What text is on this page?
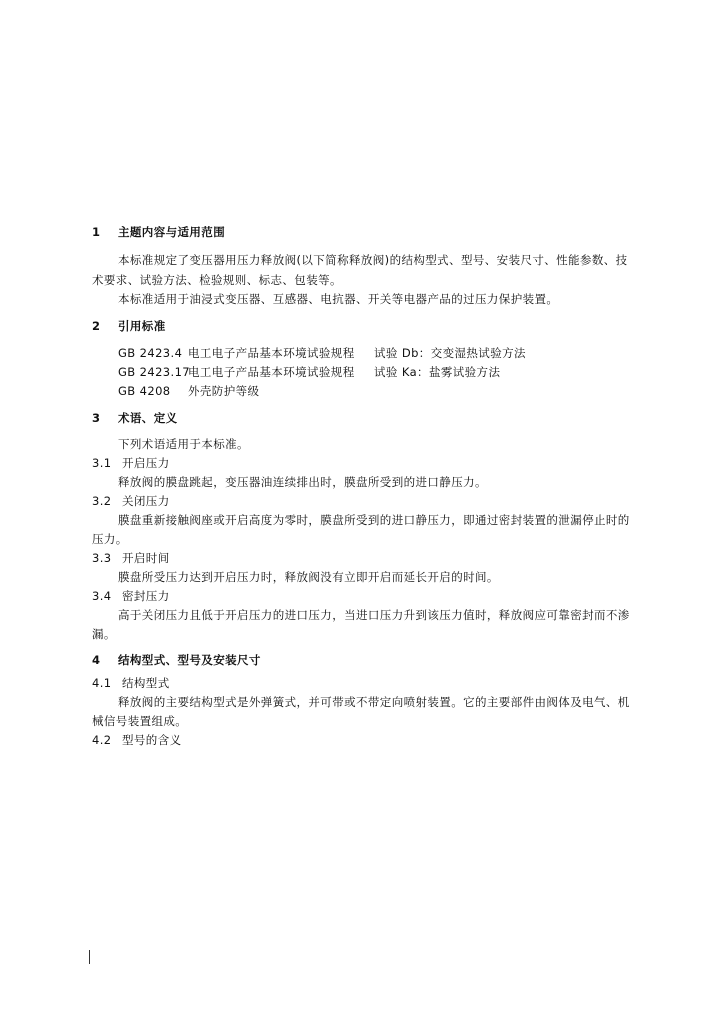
1 主题内容与适用范围
本标准规定了变压器用压力释放阀(以下简称释放阀)的结构型式、型号、安装尺寸、性能参数、技
术要求、试验方法、检验规则、标志、包装等。
本标准适用于油浸式变压器、互感器、电抗器、开关等电器产品的过压力保护装置。
2 引用标准
GB 2423.4 电工电子产品基本环境试验规程 试验 Db：交变湿热试验方法
GB 2423.17电工电子产品基本环境试验规程 试验 Ka：盐雾试验方法
GB 4208 外壳防护等级
3 术语、定义
下列术语适用于本标准。
3.1 开启压力
释放阀的膜盘跳起，变压器油连续排出时，膜盘所受到的进口静压力。
3.2 关闭压力
膜盘重新接触阀座或开启高度为零时，膜盘所受到的进口静压力，即通过密封装置的泄漏停止时的
压力。
3.3 开启时间
膜盘所受压力达到开启压力时，释放阀没有立即开启而延长开启的时间。
3.4 密封压力
高于关闭压力且低于开启压力的进口压力，当进口压力升到该压力值时，释放阀应可靠密封而不渗
漏。
4 结构型式、型号及安装尺寸
4.1 结构型式
释放阀的主要结构型式是外弹簧式，并可带或不带定向喷射装置。它的主要部件由阀体及电气、机
械信号装置组成。
4.2 型号的含义
